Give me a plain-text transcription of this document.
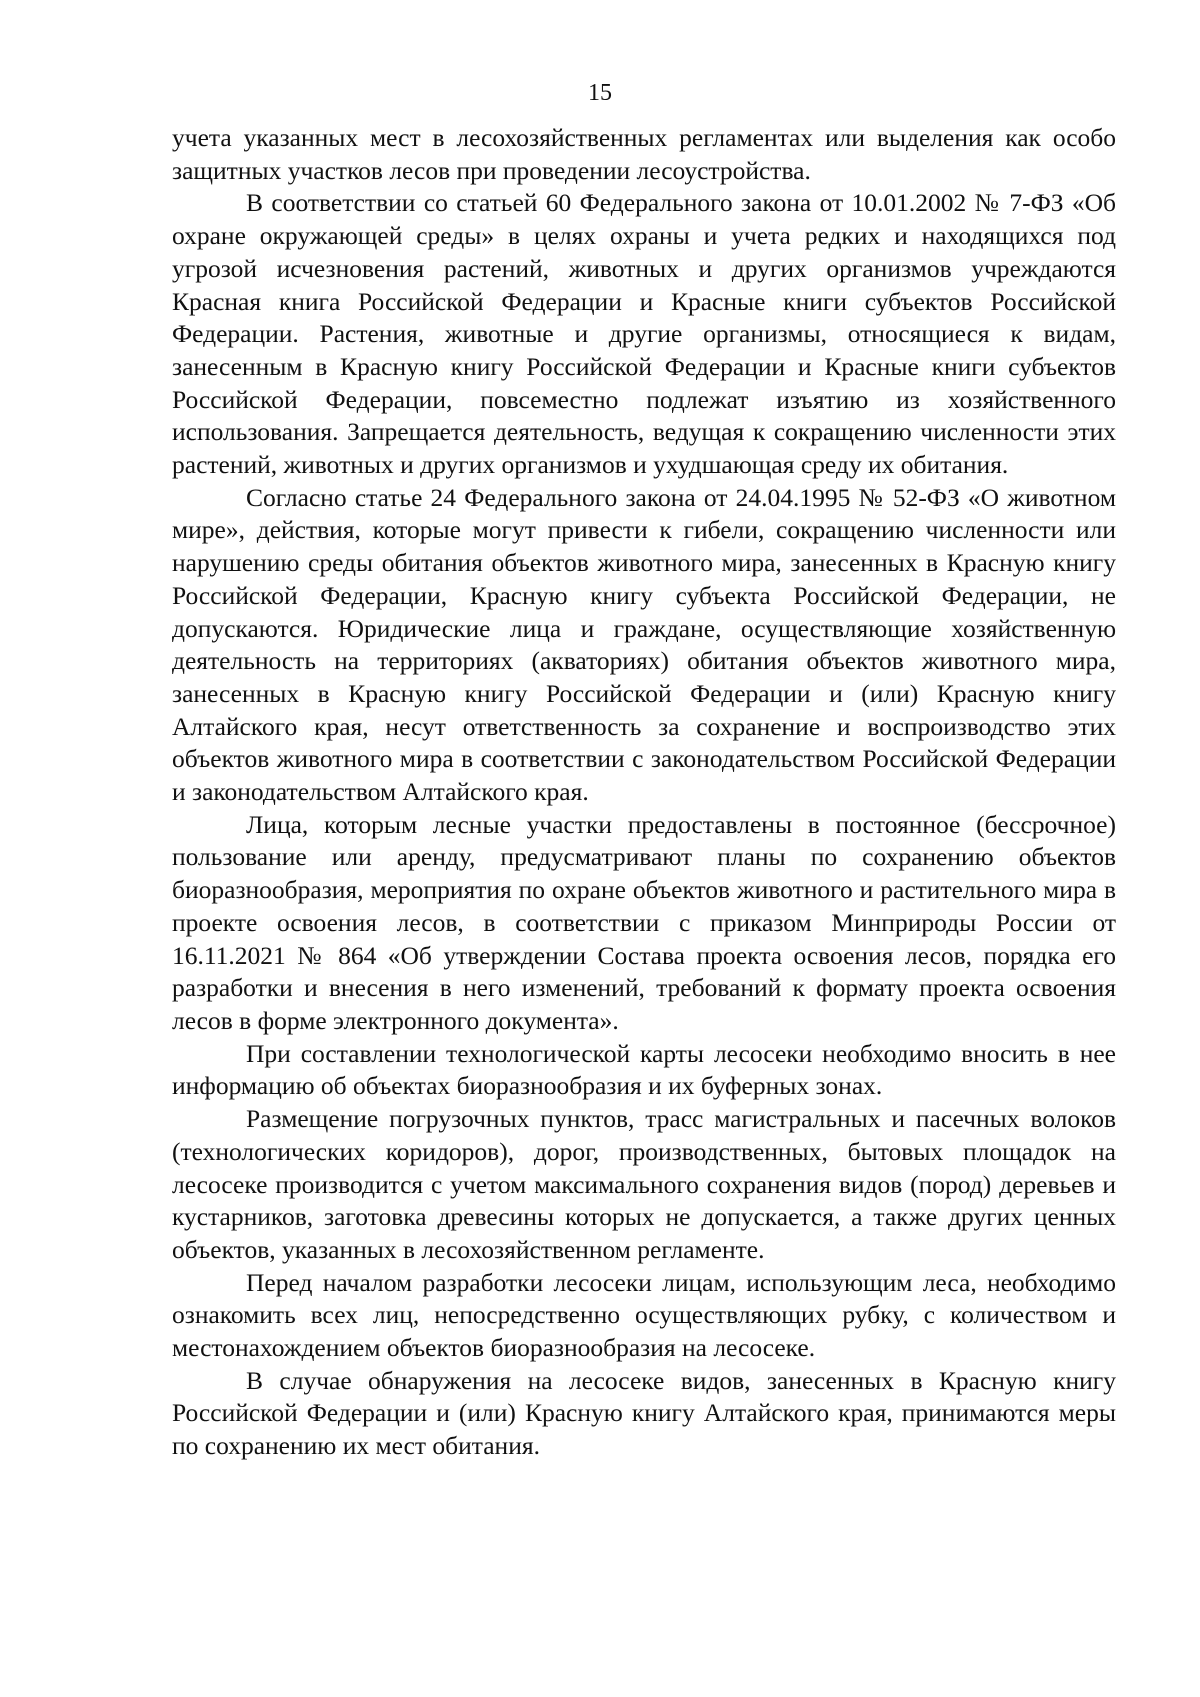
15

учета указанных мест в лесохозяйственных регламентах или выделения как особо защитных участков лесов при проведении лесоустройства.

В соответствии со статьей 60 Федерального закона от 10.01.2002 № 7-ФЗ «Об охране окружающей среды» в целях охраны и учета редких и находящихся под угрозой исчезновения растений, животных и других организмов учреждаются Красная книга Российской Федерации и Красные книги субъектов Российской Федерации. Растения, животные и другие организмы, относящиеся к видам, занесенным в Красную книгу Российской Федерации и Красные книги субъектов Российской Федерации, повсеместно подлежат изъятию из хозяйственного использования. Запрещается деятельность, ведущая к сокращению численности этих растений, животных и других организмов и ухудшающая среду их обитания.

Согласно статье 24 Федерального закона от 24.04.1995 № 52-ФЗ «О животном мире», действия, которые могут привести к гибели, сокращению численности или нарушению среды обитания объектов животного мира, занесенных в Красную книгу Российской Федерации, Красную книгу субъекта Российской Федерации, не допускаются. Юридические лица и граждане, осуществляющие хозяйственную деятельность на территориях (акваториях) обитания объектов животного мира, занесенных в Красную книгу Российской Федерации и (или) Красную книгу Алтайского края, несут ответственность за сохранение и воспроизводство этих объектов животного мира в соответствии с законодательством Российской Федерации и законодательством Алтайского края.

Лица, которым лесные участки предоставлены в постоянное (бессрочное) пользование или аренду, предусматривают планы по сохранению объектов биоразнообразия, мероприятия по охране объектов животного и растительного мира в проекте освоения лесов, в соответствии с приказом Минприроды России от 16.11.2021 № 864 «Об утверждении Состава проекта освоения лесов, порядка его разработки и внесения в него изменений, требований к формату проекта освоения лесов в форме электронного документа».

При составлении технологической карты лесосеки необходимо вносить в нее информацию об объектах биоразнообразия и их буферных зонах.

Размещение погрузочных пунктов, трасс магистральных и пасечных волоков (технологических коридоров), дорог, производственных, бытовых площадок на лесосеке производится с учетом максимального сохранения видов (пород) деревьев и кустарников, заготовка древесины которых не допускается, а также других ценных объектов, указанных в лесохозяйственном регламенте.

Перед началом разработки лесосеки лицам, использующим леса, необходимо ознакомить всех лиц, непосредственно осуществляющих рубку, с количеством и местонахождением объектов биоразнообразия на лесосеке.

В случае обнаружения на лесосеке видов, занесенных в Красную книгу Российской Федерации и (или) Красную книгу Алтайского края, принимаются меры по сохранению их мест обитания.
